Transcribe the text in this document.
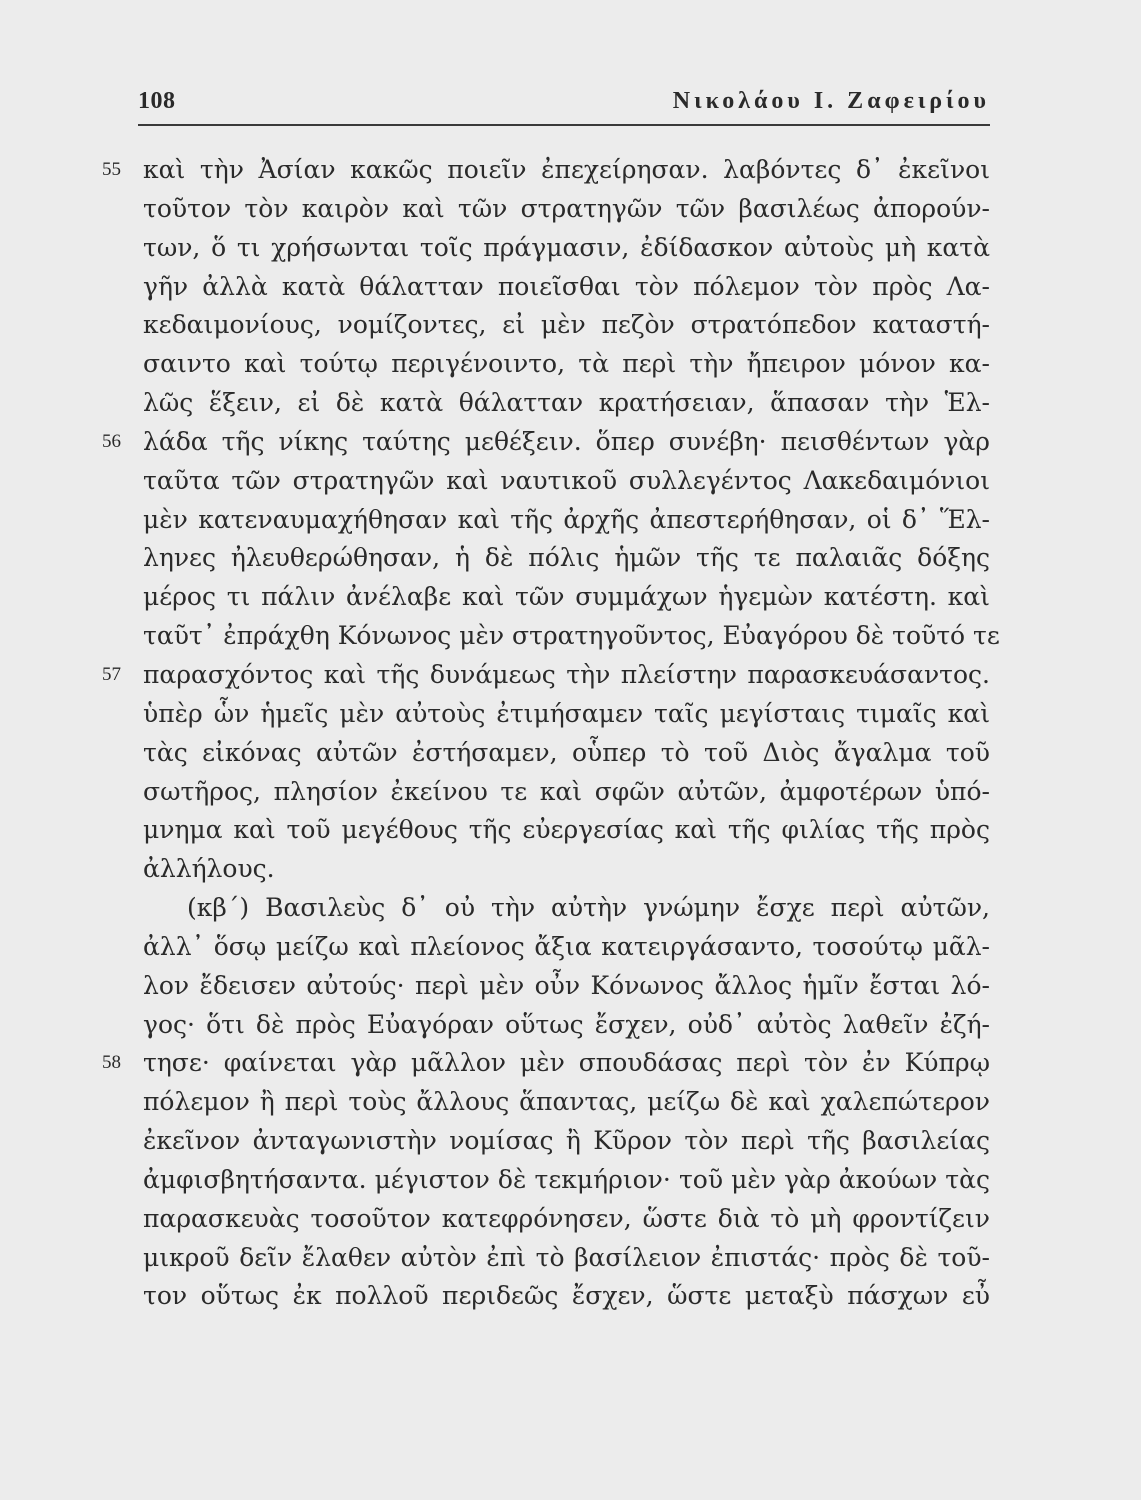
108	Νικολάου Ι. Ζαφειρίου
55 καὶ τὴν Ἀσίαν κακῶς ποιεῖν ἐπεχείρησαν. λαβόντες δ᾿ ἐκεῖνοι
τοῦτον τὸν καιρὸν καὶ τῶν στρατηγῶν τῶν βασιλέως ἀπορούν-
των, ὅ τι χρήσωνται τοῖς πράγμασιν, ἐδίδασκον αὐτοὺς μὴ κατὰ
γῆν ἀλλὰ κατὰ θάλατταν ποιεῖσθαι τὸν πόλεμον τὸν πρὸς Λα-
κεδαιμονίους, νομίζοντες, εἰ μὲν πεζὸν στρατόπεδον καταστή-
σαιντο καὶ τούτῳ περιγένοιντο, τὰ περὶ τὴν ἤπειρον μόνον κα-
λῶς ἕξειν, εἰ δὲ κατὰ θάλατταν κρατήσειαν, ἅπασαν τὴν Ἑλ-
56 λάδα τῆς νίκης ταύτης μεθέξειν. ὅπερ συνέβη· πεισθέντων γὰρ
ταῦτα τῶν στρατηγῶν καὶ ναυτικοῦ συλλεγέντος Λακεδαιμόνιοι
μὲν κατεναυμαχήθησαν καὶ τῆς ἀρχῆς ἀπεστερήθησαν, οἱ δ᾿ Ἕλ-
ληνες ἠλευθερώθησαν, ἡ δὲ πόλις ἡμῶν τῆς τε παλαιᾶς δόξης
μέρος τι πάλιν ἀνέλαβε καὶ τῶν συμμάχων ἡγεμὼν κατέστη. καὶ
ταῦτ᾿ ἐπράχθη Κόνωνος μὲν στρατηγοῦντος, Εὐαγόρου δὲ τοῦτό τε
57 παρασχόντος καὶ τῆς δυνάμεως τὴν πλείστην παρασκευάσαντος.
ὑπὲρ ὧν ἡμεῖς μὲν αὐτοὺς ἐτιμήσαμεν ταῖς μεγίσταις τιμαῖς καὶ
τὰς εἰκόνας αὐτῶν ἐστήσαμεν, οὗπερ τὸ τοῦ Διὸς ἄγαλμα τοῦ
σωτῆρος, πλησίον ἐκείνου τε καὶ σφῶν αὐτῶν, ἀμφοτέρων ὑπό-
μνημα καὶ τοῦ μεγέθους τῆς εὐεργεσίας καὶ τῆς φιλίας τῆς πρὸς
ἀλλήλους.
(κβ΄) Βασιλεὺς δ᾿ οὐ τὴν αὐτὴν γνώμην ἔσχε περὶ αὐτῶν,
ἀλλ᾿ ὅσῳ μείζω καὶ πλείονος ἄξια κατειργάσαντο, τοσούτῳ μᾶλ-
λον ἔδεισεν αὐτούς· περὶ μὲν οὖν Κόνωνος ἄλλος ἡμῖν ἔσται λό-
γος· ὅτι δὲ πρὸς Εὐαγόραν οὕτως ἔσχεν, οὐδ᾿ αὐτὸς λαθεῖν ἐζή-
58 τησε· φαίνεται γὰρ μᾶλλον μὲν σπουδάσας περὶ τὸν ἐν Κύπρῳ
πόλεμον ἢ περὶ τοὺς ἄλλους ἅπαντας, μείζω δὲ καὶ χαλεπώτερον
ἐκεῖνον ἀνταγωνιστὴν νομίσας ἢ Κῦρον τὸν περὶ τῆς βασιλείας
ἀμφισβητήσαντα. μέγιστον δὲ τεκμήριον· τοῦ μὲν γὰρ ἀκούων τὰς
παρασκευὰς τοσοῦτον κατεφρόνησεν, ὥστε διὰ τὸ μὴ φροντίζειν
μικροῦ δεῖν ἔλαθεν αὐτὸν ἐπὶ τὸ βασίλειον ἐπιστάς· πρὸς δὲ τοῦ-
τον οὕτως ἐκ πολλοῦ περιδεῶς ἔσχεν, ὥστε μεταξὺ πάσχων εὖ
